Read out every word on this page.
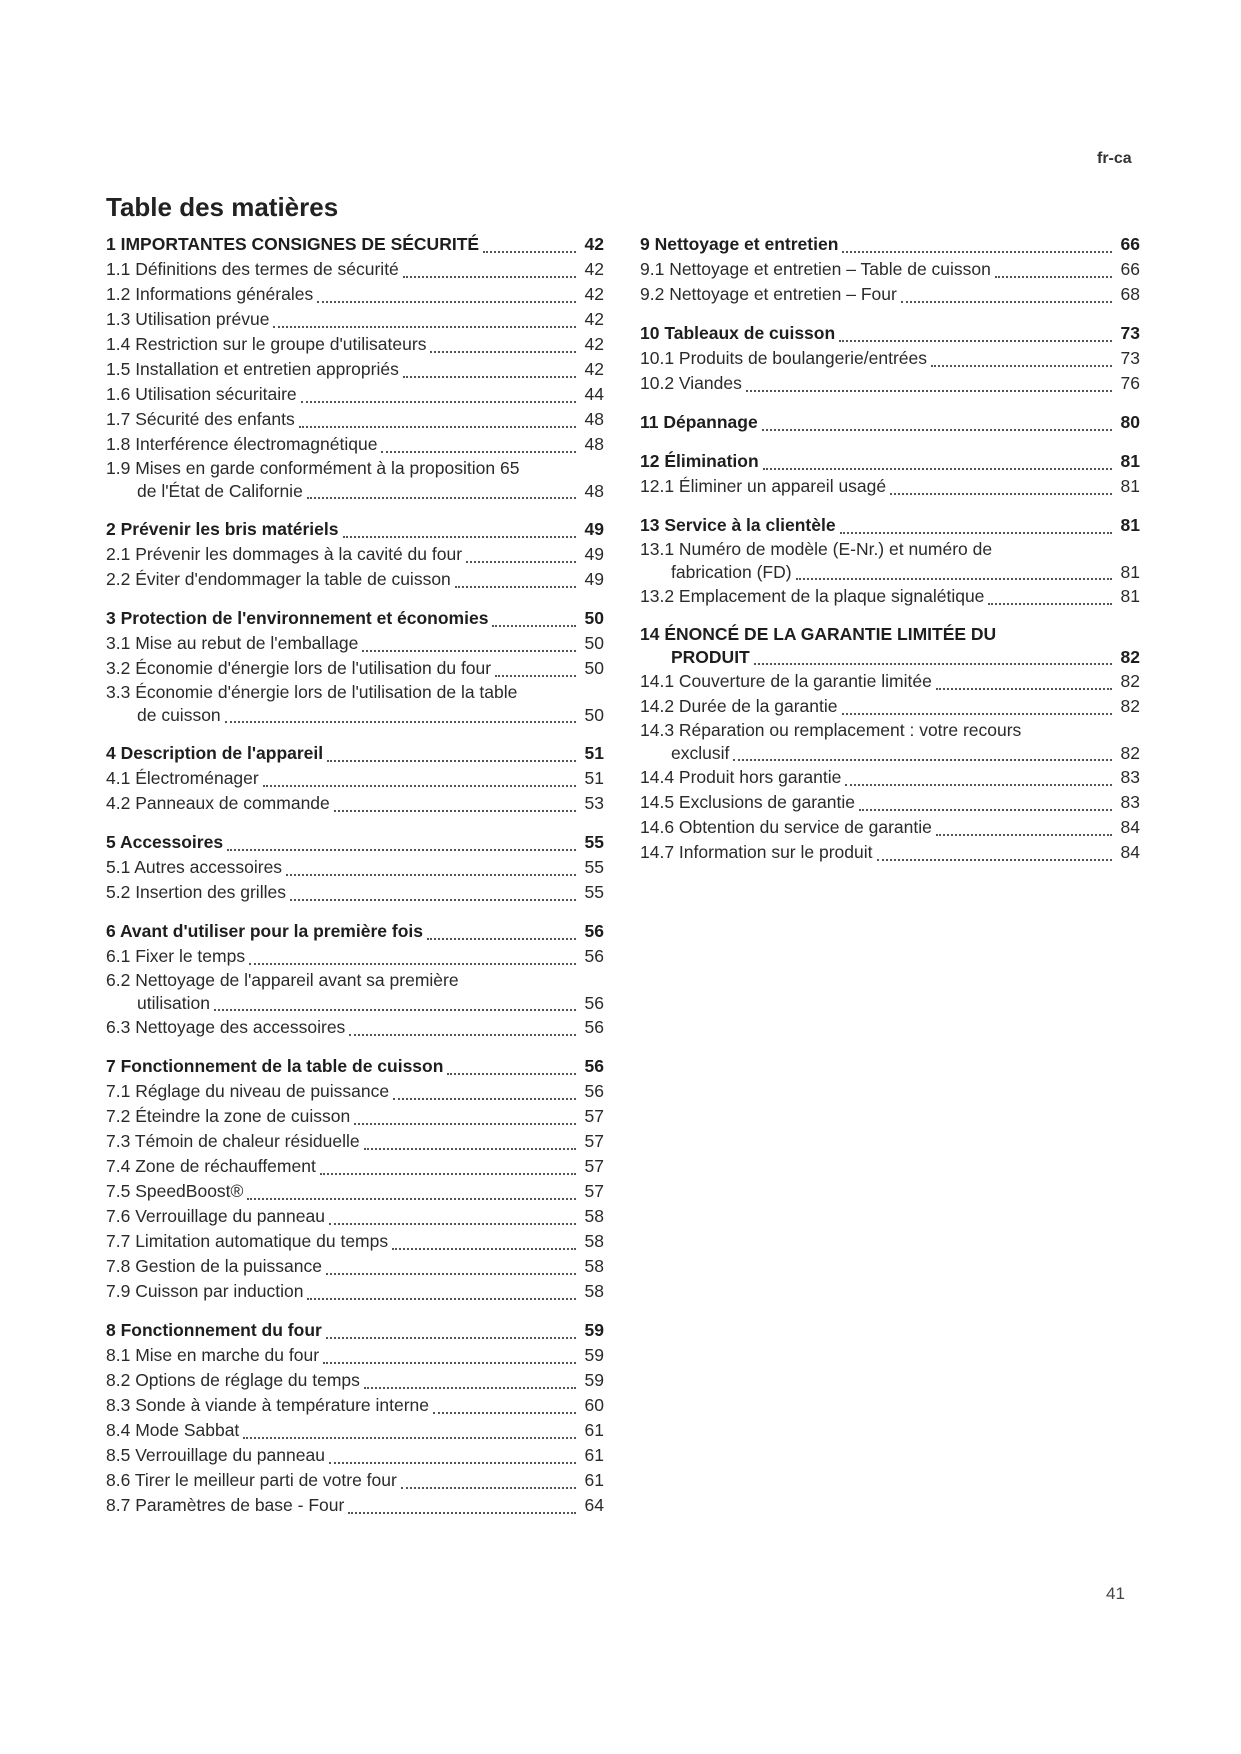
fr-ca
Table des matières
1 IMPORTANTES CONSIGNES DE SÉCURITÉ	42
1.1 Définitions des termes de sécurité	42
1.2 Informations générales	42
1.3 Utilisation prévue	42
1.4 Restriction sur le groupe d'utilisateurs	42
1.5 Installation et entretien appropriés	42
1.6 Utilisation sécuritaire	44
1.7 Sécurité des enfants	48
1.8 Interférence électromagnétique	48
1.9 Mises en garde conformément à la proposition 65
de l'État de Californie	48
2 Prévenir les bris matériels	49
2.1 Prévenir les dommages à la cavité du four	49
2.2 Éviter d'endommager la table de cuisson	49
3 Protection de l'environnement et économies	50
3.1 Mise au rebut de l'emballage	50
3.2 Économie d'énergie lors de l'utilisation du four	50
3.3 Économie d'énergie lors de l'utilisation de la table
de cuisson	50
4 Description de l'appareil	51
4.1 Électroménager	51
4.2 Panneaux de commande	53
5 Accessoires	55
5.1 Autres accessoires	55
5.2 Insertion des grilles	55
6 Avant d'utiliser pour la première fois	56
6.1 Fixer le temps	56
6.2 Nettoyage de l'appareil avant sa première
utilisation	56
6.3 Nettoyage des accessoires	56
7 Fonctionnement de la table de cuisson	56
7.1 Réglage du niveau de puissance	56
7.2 Éteindre la zone de cuisson	57
7.3 Témoin de chaleur résiduelle	57
7.4 Zone de réchauffement	57
7.5 SpeedBoost®	57
7.6 Verrouillage du panneau	58
7.7 Limitation automatique du temps	58
7.8 Gestion de la puissance	58
7.9 Cuisson par induction	58
8 Fonctionnement du four	59
8.1 Mise en marche du four	59
8.2 Options de réglage du temps	59
8.3 Sonde à viande à température interne	60
8.4 Mode Sabbat	61
8.5 Verrouillage du panneau	61
8.6 Tirer le meilleur parti de votre four	61
8.7 Paramètres de base - Four	64
9 Nettoyage et entretien	66
9.1 Nettoyage et entretien – Table de cuisson	66
9.2 Nettoyage et entretien – Four	68
10 Tableaux de cuisson	73
10.1 Produits de boulangerie/entrées	73
10.2 Viandes	76
11 Dépannage	80
12 Élimination	81
12.1 Éliminer un appareil usagé	81
13 Service à la clientèle	81
13.1 Numéro de modèle (E-Nr.) et numéro de
fabrication (FD)	81
13.2 Emplacement de la plaque signalétique	81
14 ÉNONCÉ DE LA GARANTIE LIMITÉE DU
PRODUIT	82
14.1 Couverture de la garantie limitée	82
14.2 Durée de la garantie	82
14.3 Réparation ou remplacement : votre recours
exclusif	82
14.4 Produit hors garantie	83
14.5 Exclusions de garantie	83
14.6 Obtention du service de garantie	84
14.7 Information sur le produit	84
41
